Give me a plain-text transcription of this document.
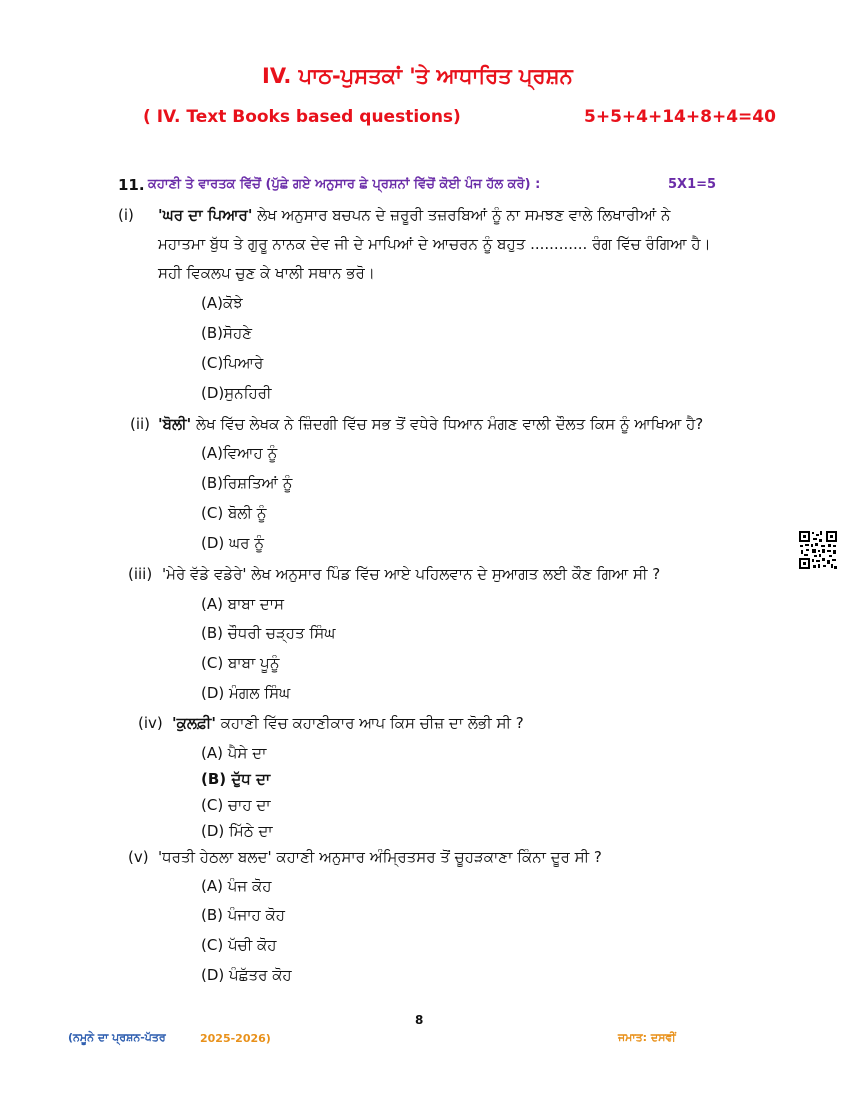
IV. ਪਾਠ-ਪੁਸਤਕਾਂ 'ਤੇ ਆਧਾਰਿਤ ਪ੍ਰਸ਼ਨ
( IV. Text Books based questions)	5+5+4+14+8+4=40
11. ਕਹਾਣੀ ਤੇ ਵਾਰਤਕ ਵਿੱਚੋਂ (ਪੁੱਛੇ ਗਏ ਅਨੁਸਾਰ ਛੇ ਪ੍ਰਸ਼ਨਾਂ ਵਿੱਚੋਂ ਕੋਈ ਪੰਜ ਹੱਲ ਕਰੋ) :	5X1=5
(i) 'ਘਰ ਦਾ ਪਿਆਰ' ਲੇਖ ਅਨੁਸਾਰ ਬਚਪਨ ਦੇ ਜ਼ਰੂਰੀ ਤਜ਼ਰਬਿਆਂ ਨੂੰ ਨਾ ਸਮਝਣ ਵਾਲੇ ਲਿਖਾਰੀਆਂ ਨੇ
ਮਹਾਤਮਾ ਬੁੱਧ ਤੇ ਗੁਰੂ ਨਾਨਕ ਦੇਵ ਜੀ ਦੇ ਮਾਪਿਆਂ ਦੇ ਆਚਰਨ ਨੂੰ ਬਹੁਤ ............ ਰੰਗ ਵਿੱਚ ਰੰਗਿਆ ਹੈ।
ਸਹੀ ਵਿਕਲਪ ਚੁਣ ਕੇ ਖਾਲੀ ਸਥਾਨ ਭਰੋ।
(A)ਕੋਝੇ
(B)ਸੋਹਣੇ
(C)ਪਿਆਰੇ
(D)ਸੁਨਹਿਰੀ
(ii) 'ਬੋਲੀ' ਲੇਖ ਵਿੱਚ ਲੇਖਕ ਨੇ ਜ਼ਿੰਦਗੀ ਵਿੱਚ ਸਭ ਤੋਂ ਵਧੇਰੇ ਧਿਆਨ ਮੰਗਣ ਵਾਲੀ ਦੌਲਤ ਕਿਸ ਨੂੰ ਆਖਿਆ ਹੈ?
(A)ਵਿਆਹ ਨੂੰ
(B)ਰਿਸ਼ਤਿਆਂ ਨੂੰ
(C) ਬੋਲੀ ਨੂੰ
(D) ਘਰ ਨੂੰ
(iii) 'ਮੇਰੇ ਵੱਡੇ ਵਡੇਰੇ' ਲੇਖ ਅਨੁਸਾਰ ਪਿੰਡ ਵਿੱਚ ਆਏ ਪਹਿਲਵਾਨ ਦੇ ਸੁਆਗਤ ਲਈ ਕੌਣ ਗਿਆ ਸੀ ?
(A) ਬਾਬਾ ਦਾਸ
(B) ਚੌਧਰੀ ਚੜ੍ਹਤ ਸਿੰਘ
(C) ਬਾਬਾ ਪੂਨੂੰ
(D) ਮੰਗਲ ਸਿੰਘ
(iv) 'ਕੁਲਫ਼ੀ' ਕਹਾਣੀ ਵਿੱਚ ਕਹਾਣੀਕਾਰ ਆਪ ਕਿਸ ਚੀਜ਼ ਦਾ ਲੋਭੀ ਸੀ ?
(A) ਪੈਸੇ ਦਾ
(B) ਦੁੱਧ ਦਾ
(C) ਚਾਹ ਦਾ
(D) ਮਿੱਠੇ ਦਾ
(v) 'ਧਰਤੀ ਹੇਠਲਾ ਬਲਦ' ਕਹਾਣੀ ਅਨੁਸਾਰ ਅੰਮ੍ਰਿਤਸਰ ਤੋਂ ਚੂਹੜਕਾਣਾ ਕਿੰਨਾ ਦੂਰ ਸੀ ?
(A) ਪੰਜ ਕੋਹ
(B) ਪੰਜਾਹ ਕੋਹ
(C) ਪੱਚੀ ਕੋਹ
(D) ਪੰਛੱਤਰ ਕੋਹ
8
(ਨਮੂਨੇ ਦਾ ਪ੍ਰਸ਼ਨ-ਪੱਤਰ	2025-2026)	ਜਮਾਤ: ਦਸਵੀਂ
